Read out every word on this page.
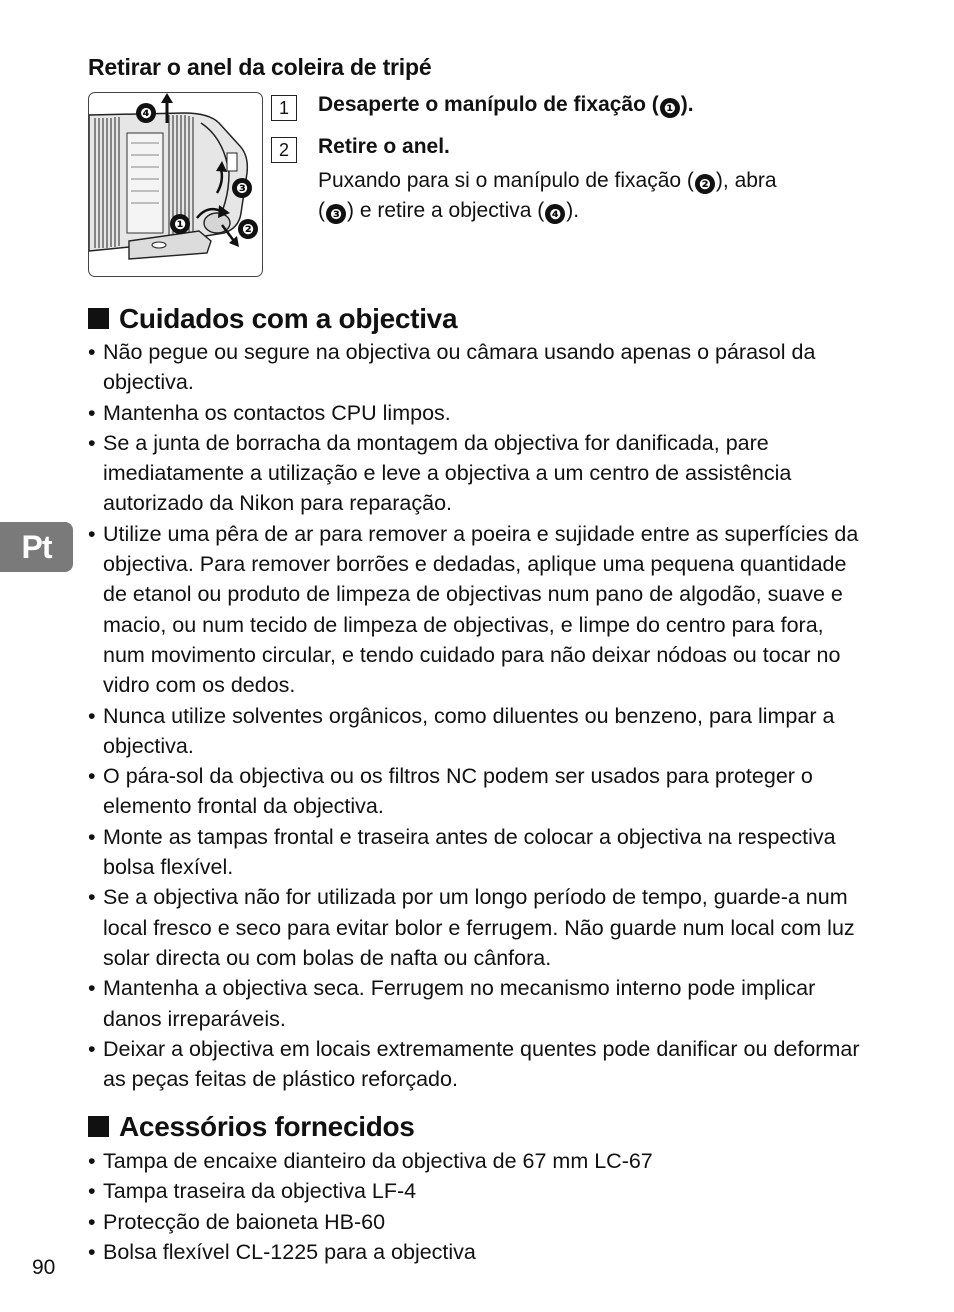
Retirar o anel da coleira de tripé
❹
❸
❶	❷
1	Desaperte o manípulo de fixação ( ❶ ).
2	Retire o anel.
Puxando para si o manípulo de fixação ( ❷ ), abra
( ❸ ) e retire a objectiva ( ❹ ).
Cuidados com a objectiva
• Não pegue ou segure na objectiva ou câmara usando apenas o párasol da objectiva.
• Mantenha os contactos CPU limpos.
• Se a junta de borracha da montagem da objectiva for danificada, pare imediatamente a utilização e leve a objectiva a um centro de assistência autorizado da Nikon para reparação.
• Utilize uma pêra de ar para remover a poeira e sujidade entre as superfícies da objectiva. Para remover borrões e dedadas, aplique uma pequena quantidade de etanol ou produto de limpeza de objectivas num pano de algodão, suave e macio, ou num tecido de limpeza de objectivas, e limpe do centro para fora, num movimento circular, e tendo cuidado para não deixar nódoas ou tocar no vidro com os dedos.
• Nunca utilize solventes orgânicos, como diluentes ou benzeno, para limpar a objectiva.
• O pára-sol da objectiva ou os filtros NC podem ser usados para proteger o elemento frontal da objectiva.
• Monte as tampas frontal e traseira antes de colocar a objectiva na respectiva bolsa flexível.
• Se a objectiva não for utilizada por um longo período de tempo, guarde-a num local fresco e seco para evitar bolor e ferrugem. Não guarde num local com luz solar directa ou com bolas de nafta ou cânfora.
• Mantenha a objectiva seca. Ferrugem no mecanismo interno pode implicar danos irreparáveis.
• Deixar a objectiva em locais extremamente quentes pode danificar ou deformar as peças feitas de plástico reforçado.
Acessórios fornecidos
• Tampa de encaixe dianteiro da objectiva de 67 mm LC-67
• Tampa traseira da objectiva LF-4
• Protecção de baioneta HB-60
• Bolsa flexível CL-1225 para a objectiva
Pt
90
